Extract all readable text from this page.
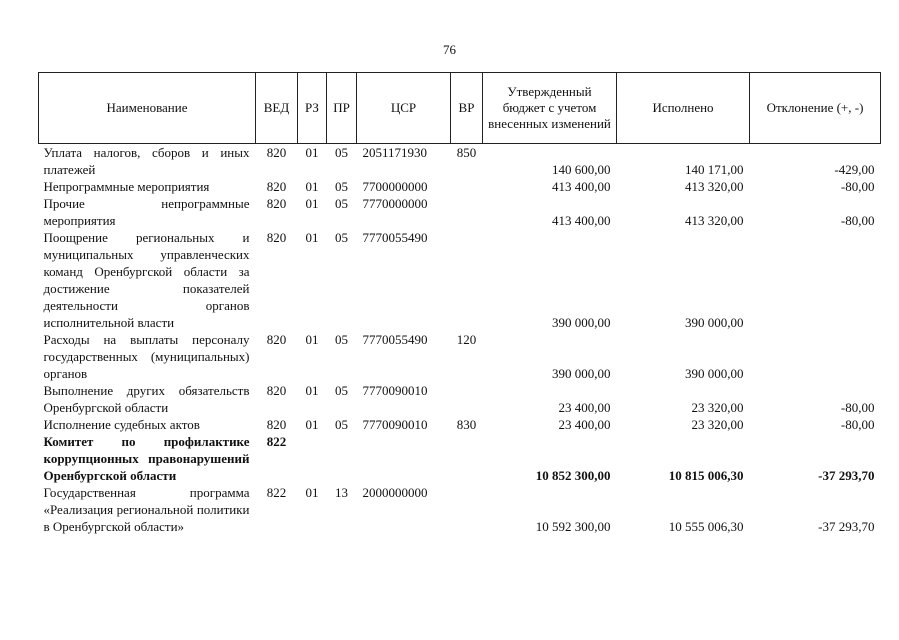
76
Наименование	ВЕД	РЗ	ПР	ЦСР	ВР	Утвержденный бюджет с учетом внесенных изменений	Исполнено	Отклонение (+, -)
Уплата налогов, сборов и иных платежей	820	01	05	2051171930	850	140 600,00	140 171,00	-429,00
Непрограммные мероприятия	820	01	05	7700000000		413 400,00	413 320,00	-80,00
Прочие непрограммные мероприятия	820	01	05	7770000000		413 400,00	413 320,00	-80,00
Поощрение региональных и муниципальных управленческих команд Оренбургской области за достижение показателей деятельности органов исполнительной власти	820	01	05	7770055490		390 000,00	390 000,00	
Расходы на выплаты персоналу государственных (муниципальных) органов	820	01	05	7770055490	120	390 000,00	390 000,00	
Выполнение других обязательств Оренбургской области	820	01	05	7770090010		23 400,00	23 320,00	-80,00
Исполнение судебных актов	820	01	05	7770090010	830	23 400,00	23 320,00	-80,00
Комитет по профилактике коррупционных правонарушений Оренбургской области	822					10 852 300,00	10 815 006,30	-37 293,70
Государственная программа «Реализация региональной политики в Оренбургской области»	822	01	13	2000000000		10 592 300,00	10 555 006,30	-37 293,70
